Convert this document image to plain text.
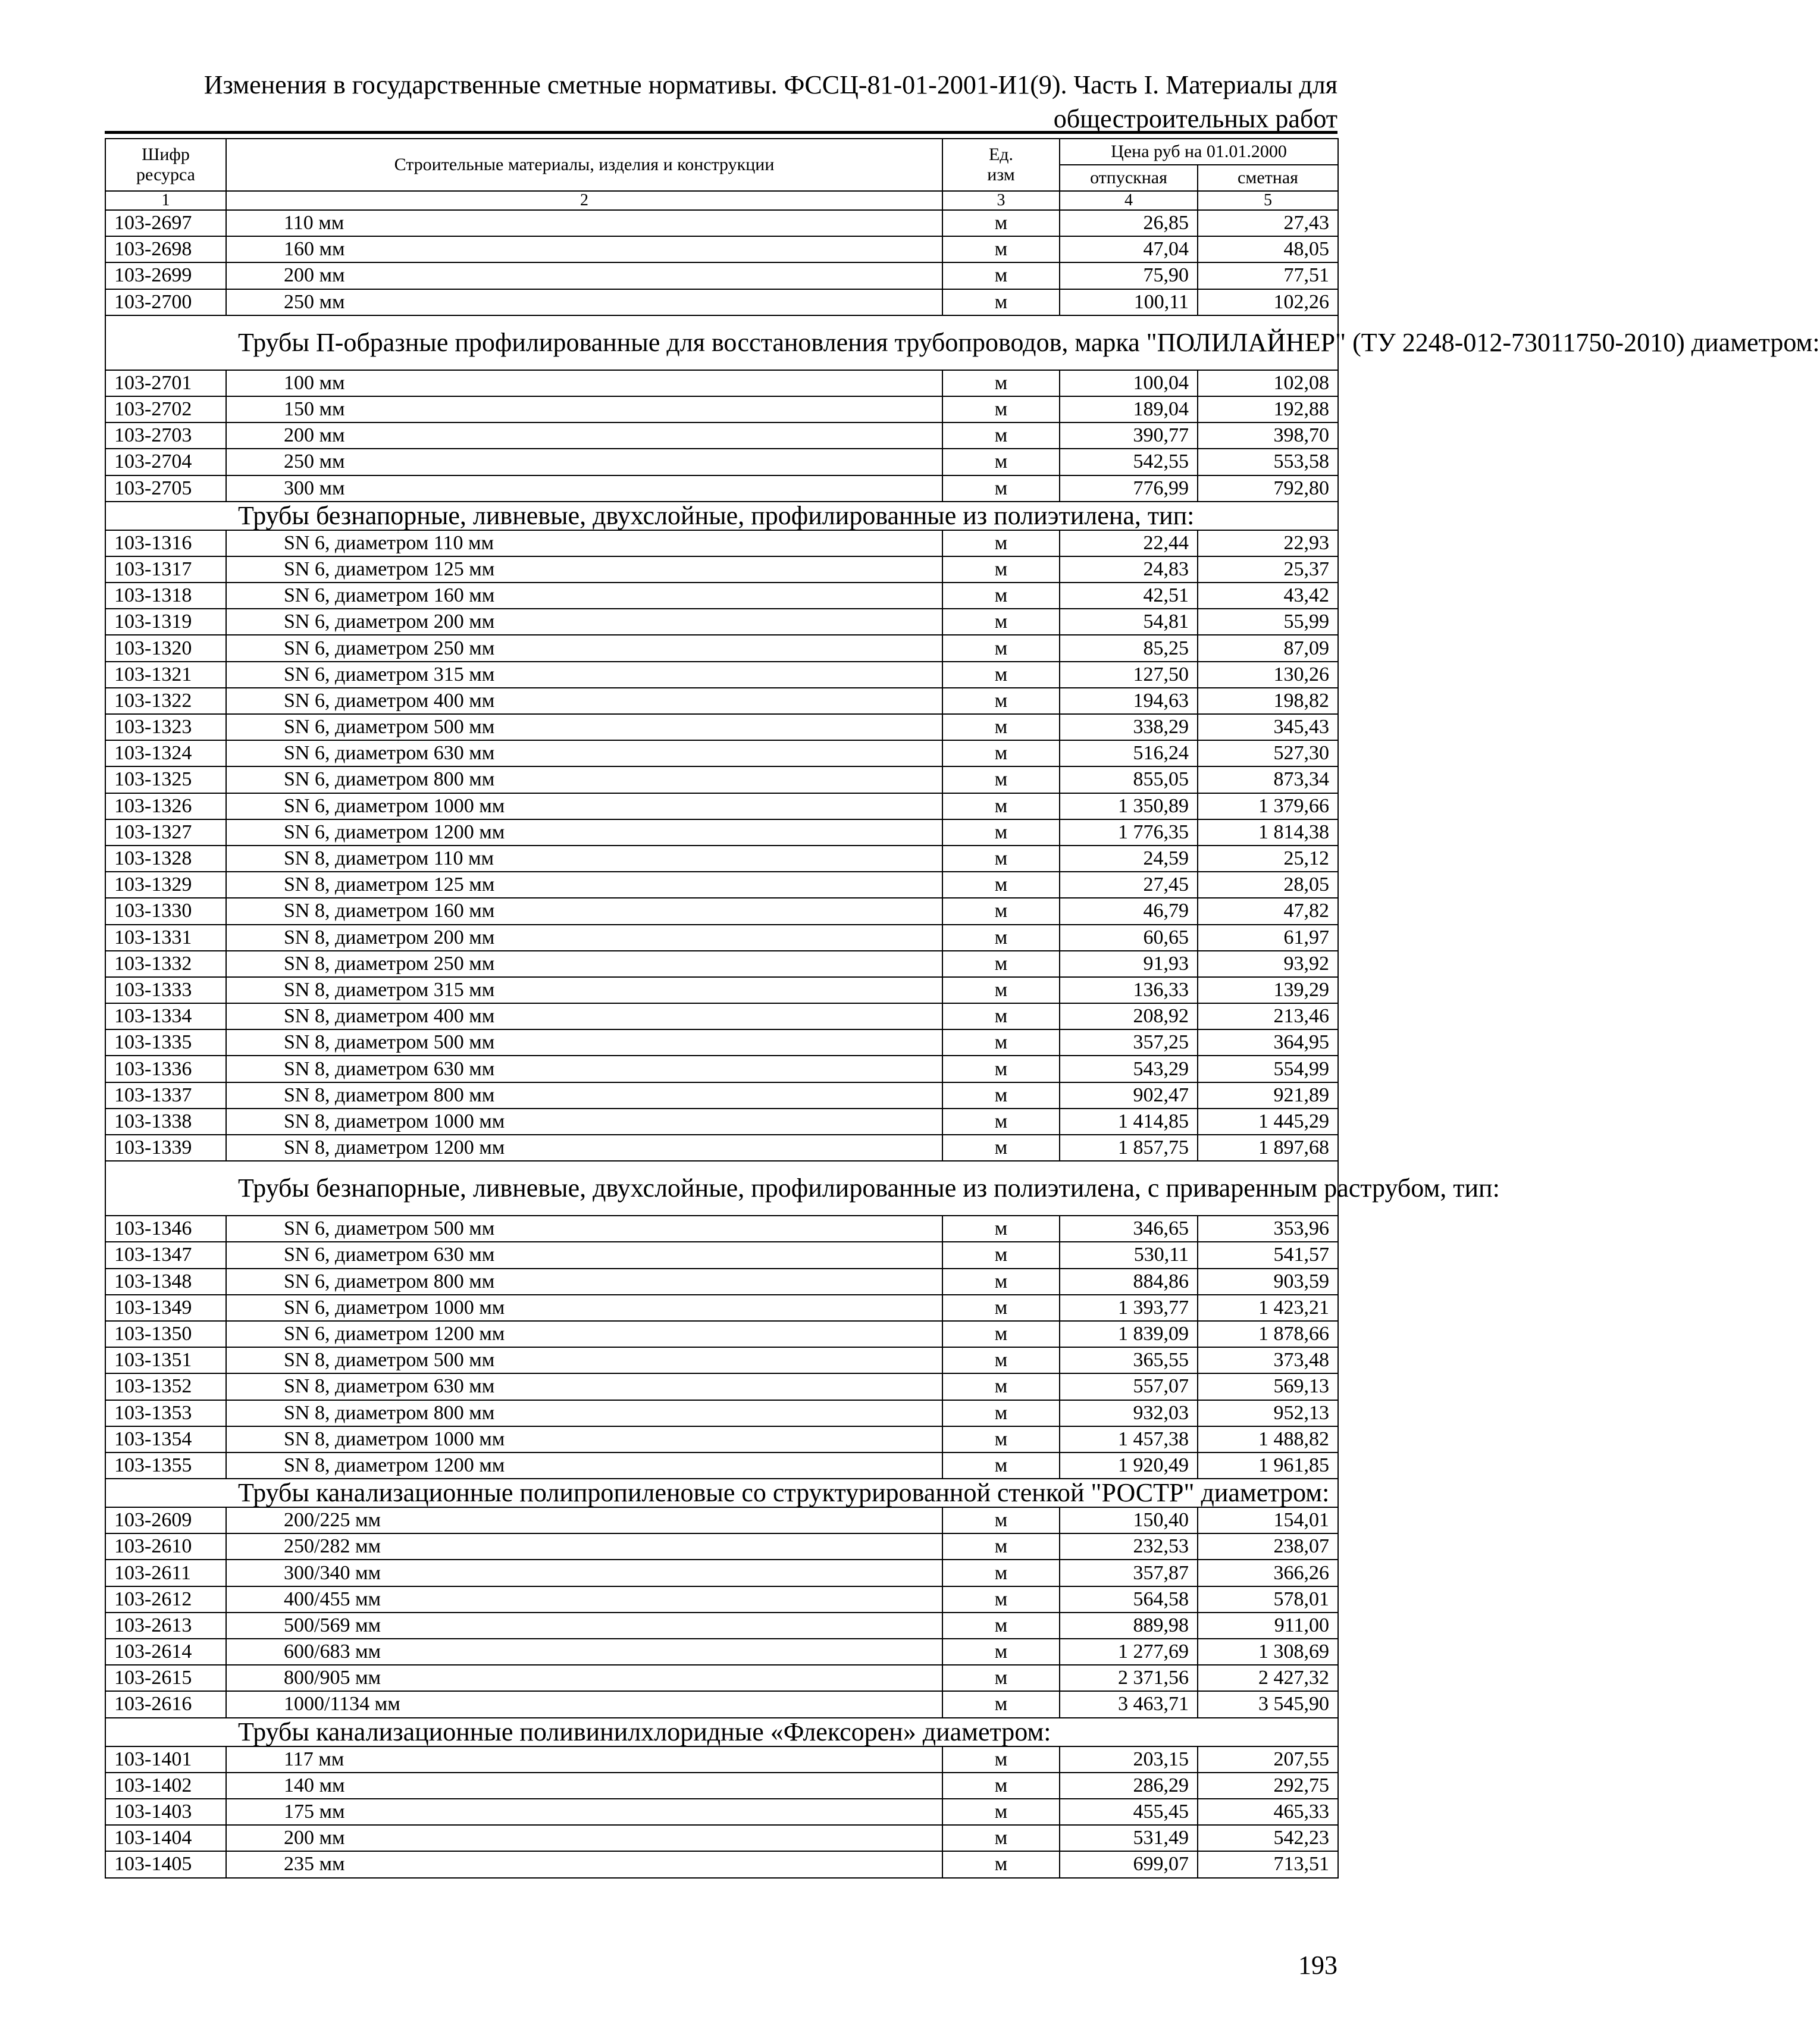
Изменения в государственные сметные нормативы. ФССЦ-81-01-2001-И1(9). Часть I. Материалы для
общестроительных работ
Шифр ресурса	Строительные материалы, изделия и конструкции	Ед. изм	Цена руб на 01.01.2000	
			отпускная	сметная
1	2	3	4	5
103-2697	110 мм	м	26,85	27,43
103-2698	160 мм	м	47,04	48,05
103-2699	200 мм	м	75,90	77,51
103-2700	250 мм	м	100,11	102,26
Трубы П-образные профилированные для восстановления трубопроводов, марка "ПОЛИЛАЙНЕР" (ТУ 2248-012-73011750-2010) диаметром:				
103-2701	100 мм	м	100,04	102,08
103-2702	150 мм	м	189,04	192,88
103-2703	200 мм	м	390,77	398,70
103-2704	250 мм	м	542,55	553,58
103-2705	300 мм	м	776,99	792,80
Трубы безнапорные, ливневые, двухслойные, профилированные из полиэтилена, тип:				
103-1316	SN 6, диаметром 110 мм	м	22,44	22,93
103-1317	SN 6, диаметром 125 мм	м	24,83	25,37
103-1318	SN 6, диаметром 160 мм	м	42,51	43,42
103-1319	SN 6, диаметром 200 мм	м	54,81	55,99
103-1320	SN 6, диаметром 250 мм	м	85,25	87,09
103-1321	SN 6, диаметром 315 мм	м	127,50	130,26
103-1322	SN 6, диаметром 400 мм	м	194,63	198,82
103-1323	SN 6, диаметром 500 мм	м	338,29	345,43
103-1324	SN 6, диаметром 630 мм	м	516,24	527,30
103-1325	SN 6, диаметром 800 мм	м	855,05	873,34
103-1326	SN 6, диаметром 1000 мм	м	1 350,89	1 379,66
103-1327	SN 6, диаметром 1200 мм	м	1 776,35	1 814,38
103-1328	SN 8, диаметром 110 мм	м	24,59	25,12
103-1329	SN 8, диаметром 125 мм	м	27,45	28,05
103-1330	SN 8, диаметром 160 мм	м	46,79	47,82
103-1331	SN 8, диаметром 200 мм	м	60,65	61,97
103-1332	SN 8, диаметром 250 мм	м	91,93	93,92
103-1333	SN 8, диаметром 315 мм	м	136,33	139,29
103-1334	SN 8, диаметром 400 мм	м	208,92	213,46
103-1335	SN 8, диаметром 500 мм	м	357,25	364,95
103-1336	SN 8, диаметром 630 мм	м	543,29	554,99
103-1337	SN 8, диаметром 800 мм	м	902,47	921,89
103-1338	SN 8, диаметром 1000 мм	м	1 414,85	1 445,29
103-1339	SN 8, диаметром 1200 мм	м	1 857,75	1 897,68
Трубы безнапорные, ливневые, двухслойные, профилированные из полиэтилена, с приваренным раструбом, тип:				
103-1346	SN 6, диаметром 500 мм	м	346,65	353,96
103-1347	SN 6, диаметром 630 мм	м	530,11	541,57
103-1348	SN 6, диаметром 800 мм	м	884,86	903,59
103-1349	SN 6, диаметром 1000 мм	м	1 393,77	1 423,21
103-1350	SN 6, диаметром 1200 мм	м	1 839,09	1 878,66
103-1351	SN 8, диаметром 500 мм	м	365,55	373,48
103-1352	SN 8, диаметром 630 мм	м	557,07	569,13
103-1353	SN 8, диаметром 800 мм	м	932,03	952,13
103-1354	SN 8, диаметром 1000 мм	м	1 457,38	1 488,82
103-1355	SN 8, диаметром 1200 мм	м	1 920,49	1 961,85
Трубы канализационные полипропиленовые со структурированной стенкой "РОСТР" диаметром:				
103-2609	200/225 мм	м	150,40	154,01
103-2610	250/282 мм	м	232,53	238,07
103-2611	300/340 мм	м	357,87	366,26
103-2612	400/455 мм	м	564,58	578,01
103-2613	500/569 мм	м	889,98	911,00
103-2614	600/683 мм	м	1 277,69	1 308,69
103-2615	800/905 мм	м	2 371,56	2 427,32
103-2616	1000/1134 мм	м	3 463,71	3 545,90
Трубы канализационные поливинилхлоридные «Флексорен» диаметром:				
103-1401	117 мм	м	203,15	207,55
103-1402	140 мм	м	286,29	292,75
103-1403	175 мм	м	455,45	465,33
103-1404	200 мм	м	531,49	542,23
103-1405	235 мм	м	699,07	713,51
193
